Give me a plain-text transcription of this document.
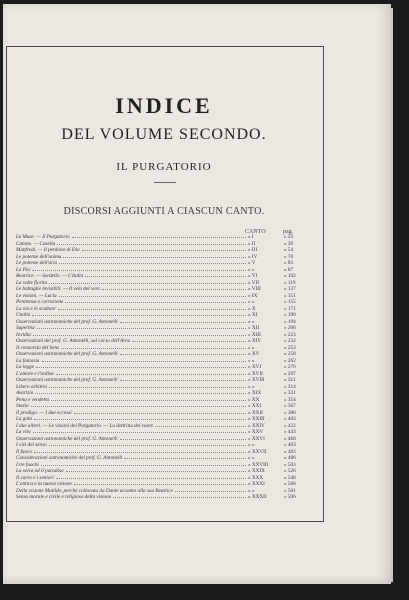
INDICE
DEL VOLUME SECONDO.
IL PURGATORIO
DISCORSI AGGIUNTI A CIASCUN CANTO.
CANTO	pag.
Le Muse. — Il Purgatorio	» I	» 23
Catone. — Casella	» II	» 39
Manfredi. — Il perdono di Dio	» III	» 54
Le potenze dell'anima	» IV	» 70
Le potenze dell'aria	» V	» 83
La Pia	» »	» 87
Beatrice. — Sordello. — L'Italia	» VI	» 102
La valle fiorita	» VII	» 119
Le battaglie invisibili. — Il velo del vero	» VIII	» 137
Le visioni. — Lucia	» IX	» 151
Penitenza e correzione	» »	» 155
La via e le sculture	» X	» 171
Umiltà	» XI	» 190
Osservazioni astronomiche del prof. G. Antonelli	» »	» 194
Superbia	» XII	» 206
Invidia	» XIII	» 223
Osservazioni del prof. G. Antonelli, sul corso dell'Arno	» XIV	» 232
Il consorzio del bene	» »	» 253
Osservazioni astronomiche del prof. G. Antonelli	» XV	» 258
La fantasia	» »	» 262
La legge	» XVI	» 276
L'amore e l'ordine	» XVII	» 297
Osservazioni astronomiche del prof. G. Antonelli	» XVIII	» 311
Libero arbitrio	» »	» 314
Avarizia	» XIX	» 331
Pena e vendetta	» XX	» 354
Stazio	» XXI	» 367
Il prodigo. — I due eccessi	» XXII	» 386
La gola	» XXIII	» 403
I due alberi. — Le visioni del Purgatorio. — La dottrina del cuore	» XXIV	» 422
La vita	» XXV	» 443
Osservazioni astronomiche del prof. G. Antonelli	» XXVI	» 460
I vizi del senso	» »	» 463
Il fuoco	» XXVII	» 483
Considerazioni astronomiche del prof. G. Antonelli	» »	» 486
I tre fuochi	» XXVIII	» 503
La selva ed il paradiso	» XXIX	» 526
Il carro e i seniori	» XXX	» 548
L'antica e la nuova visione	» XXXI	» 566
Della visione Matilde, perchè collocata da Dante accanto alla sua Beatrice	» »	» 581
Senso morale e civile e religioso della visione	» XXXII	» 596
